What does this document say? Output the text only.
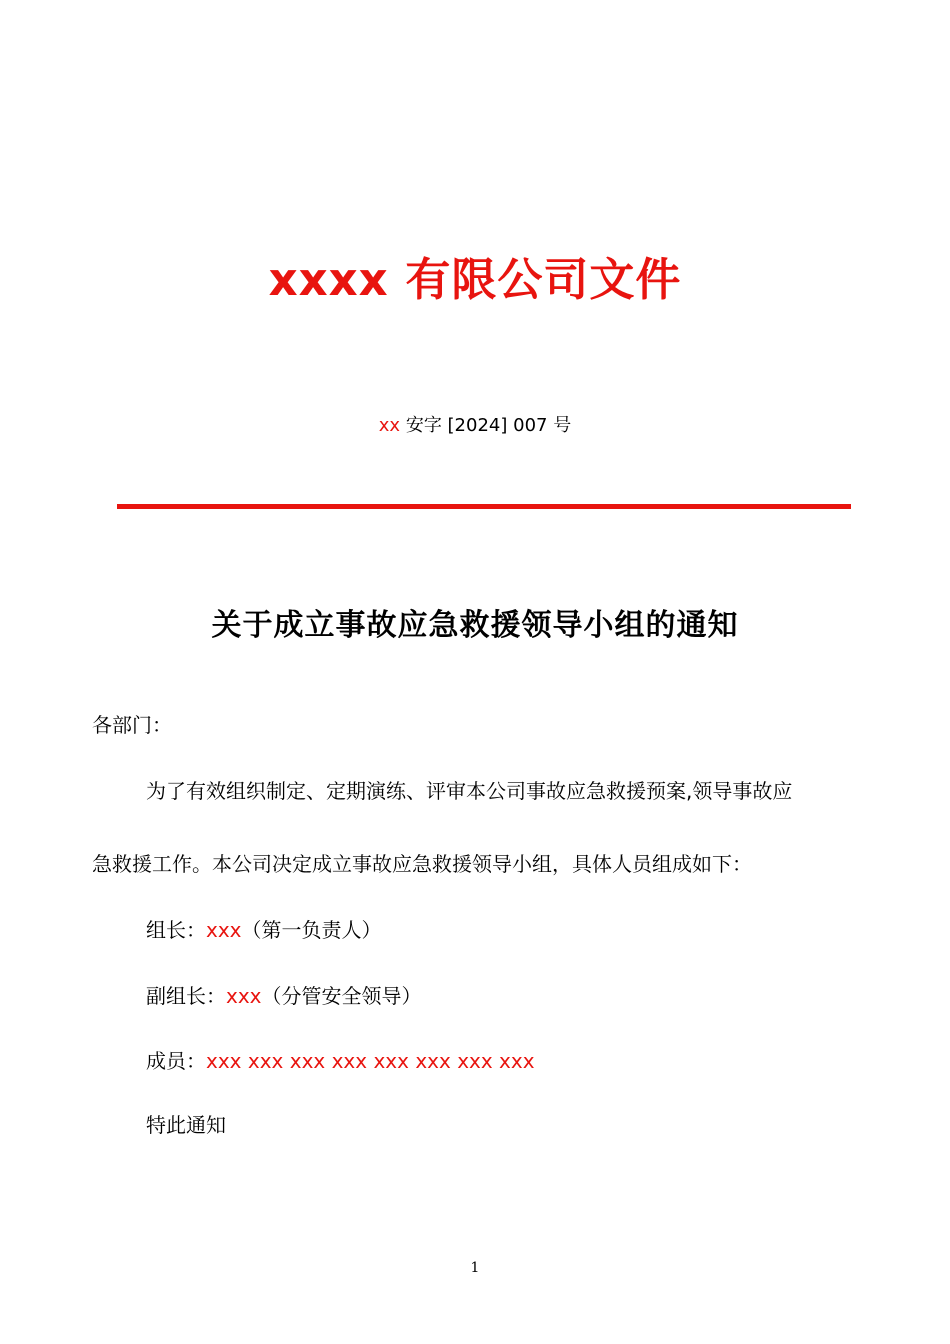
xxxx 有限公司文件
xx 安字 [2024] 007 号
关于成立事故应急救援领导小组的通知

各部门：

为了有效组织制定、定期演练、评审本公司事故应急救援预案,领导事故应

急救援工作。本公司决定成立事故应急救援领导小组，具体人员组成如下：

组长：xxx（第一负责人）

副组长：xxx（分管安全领导）

成员：xxx xxx xxx xxx xxx xxx xxx xxx

特此通知

1
